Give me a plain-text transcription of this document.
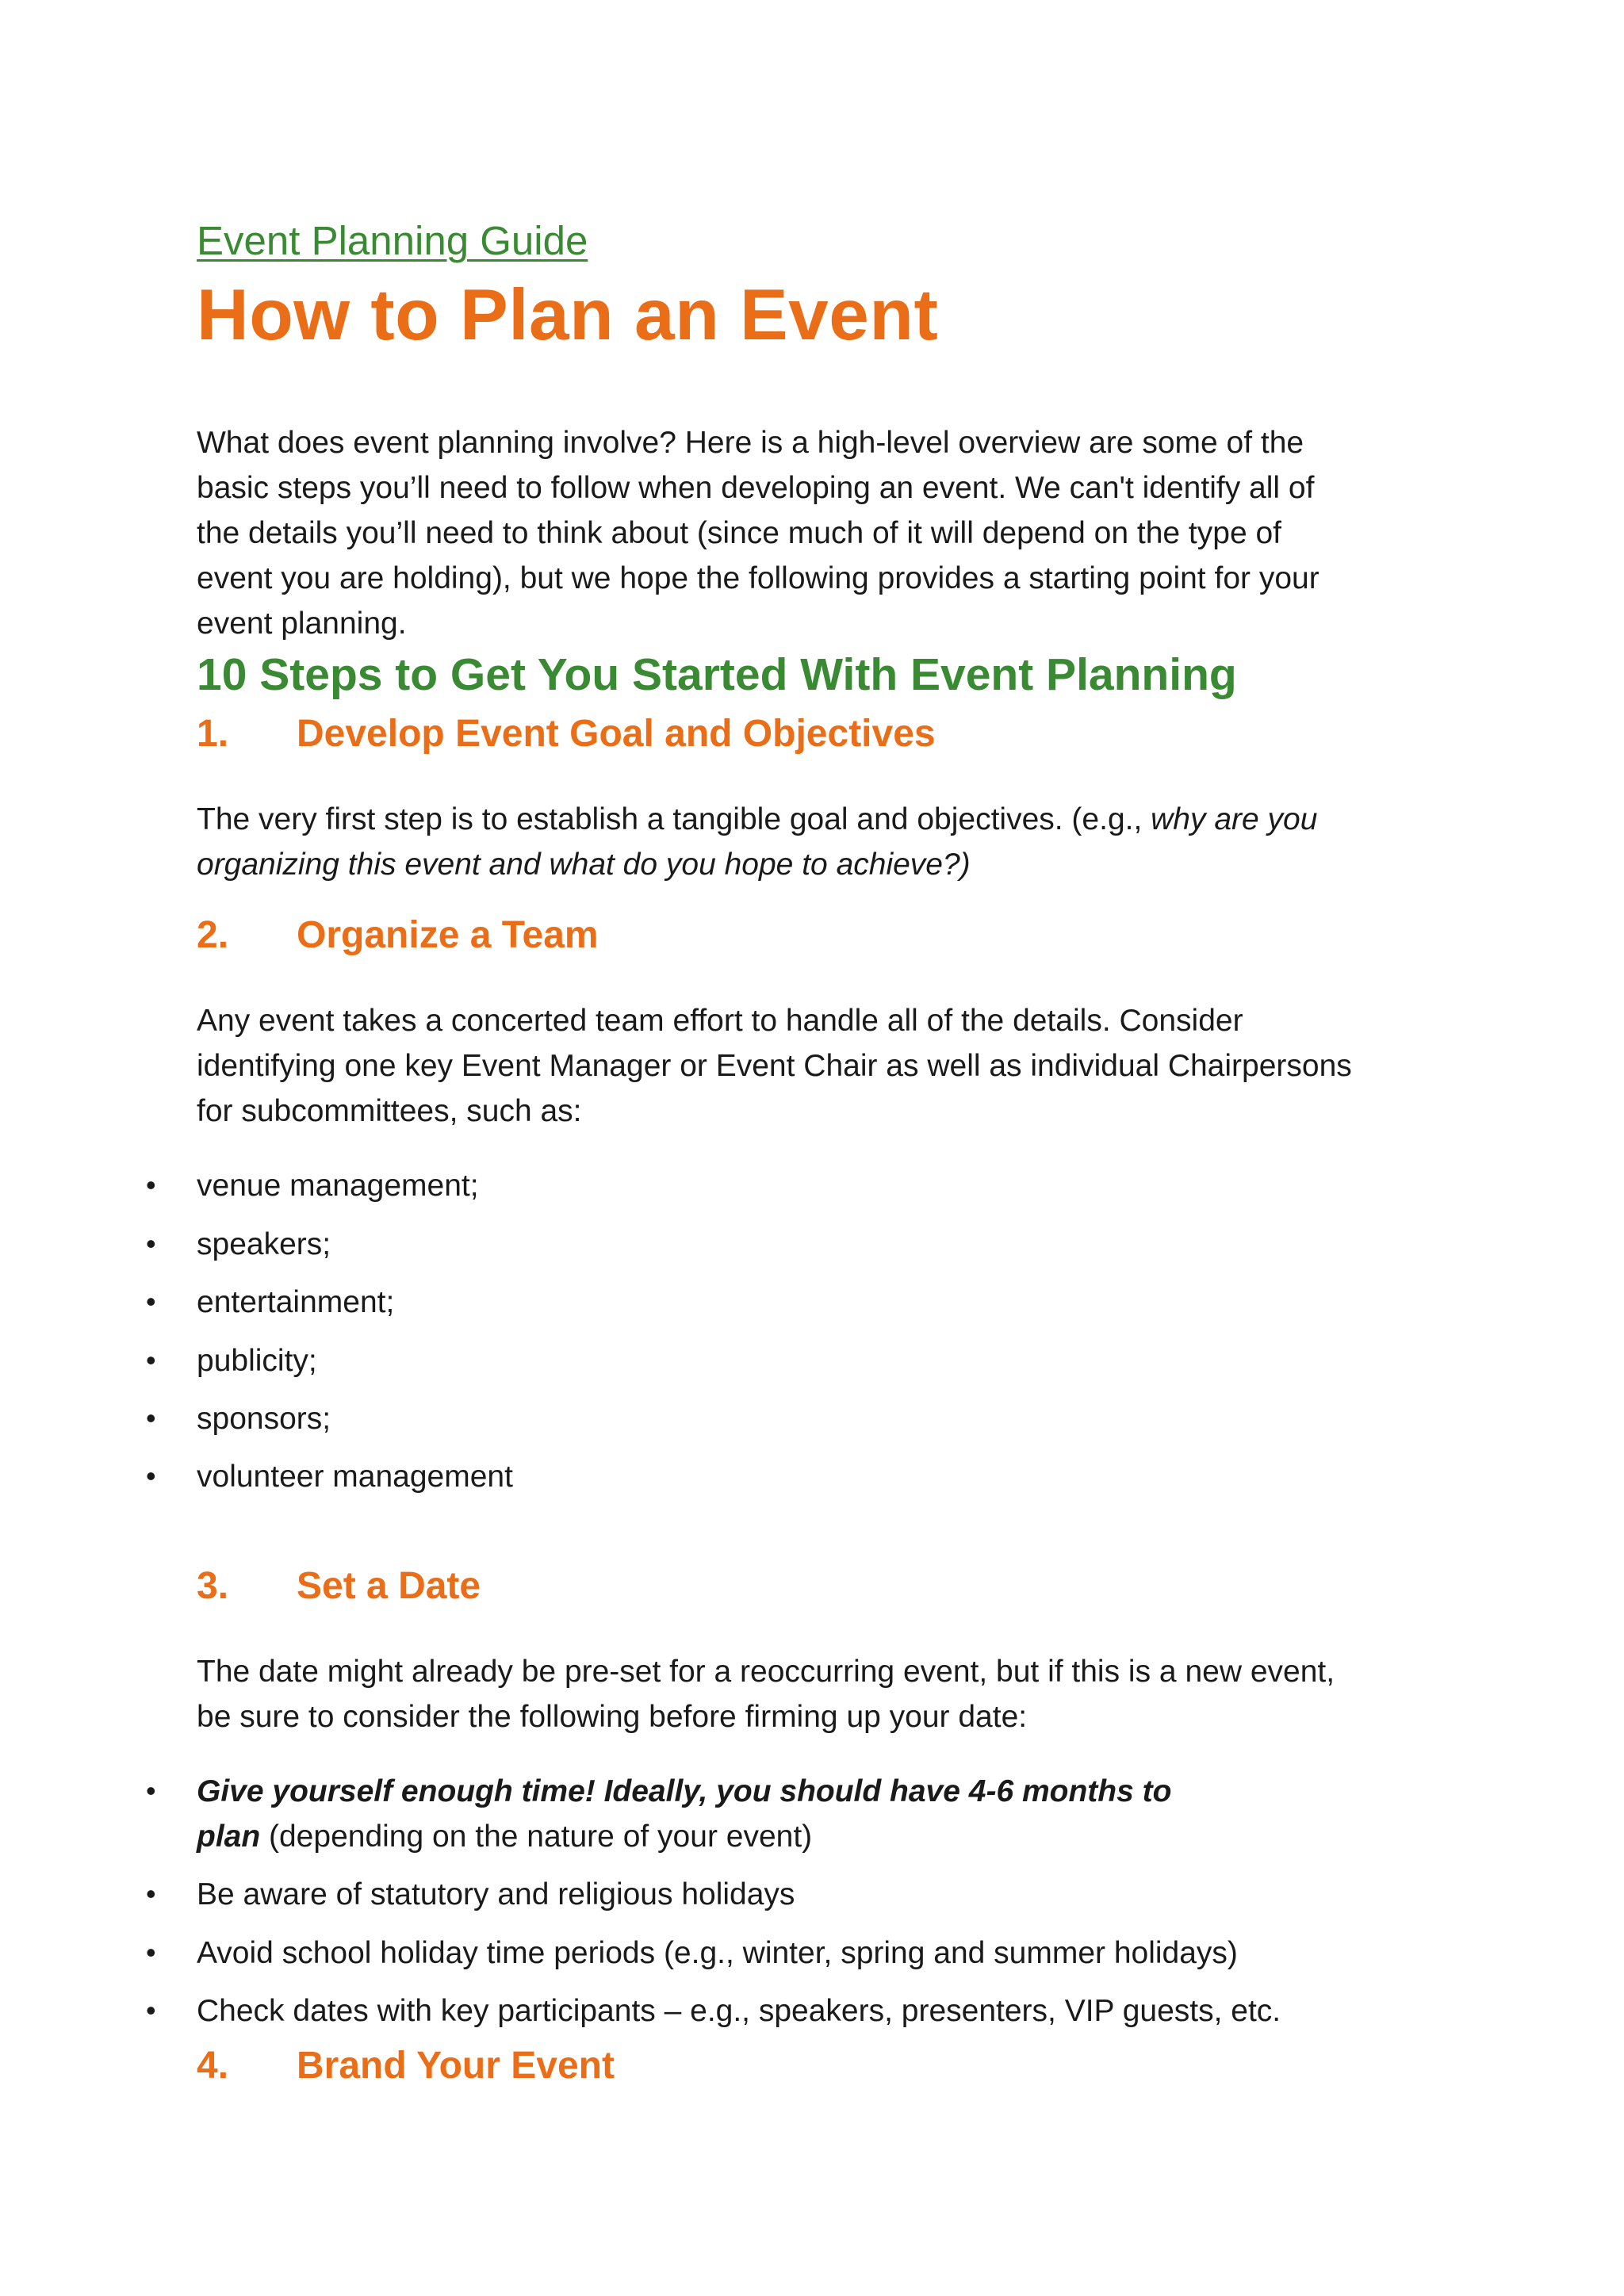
Event Planning Guide
How to Plan an Event
What does event planning involve? Here is a high-level overview are some of the
basic steps you’ll need to follow when developing an event. We can't identify all of
the details you’ll need to think about (since much of it will depend on the type of
event you are holding), but we hope the following provides a starting point for your
event planning.
10 Steps to Get You Started With Event Planning
1. Develop Event Goal and Objectives
The very first step is to establish a tangible goal and objectives. (e.g., why are you
organizing this event and what do you hope to achieve?)
2. Organize a Team
Any event takes a concerted team effort to handle all of the details. Consider
identifying one key Event Manager or Event Chair as well as individual Chairpersons
for subcommittees, such as:
• venue management;
• speakers;
• entertainment;
• publicity;
• sponsors;
• volunteer management
3. Set a Date
The date might already be pre-set for a reoccurring event, but if this is a new event,
be sure to consider the following before firming up your date:
• Give yourself enough time! Ideally, you should have 4-6 months to
plan (depending on the nature of your event)
• Be aware of statutory and religious holidays
• Avoid school holiday time periods (e.g., winter, spring and summer holidays)
• Check dates with key participants – e.g., speakers, presenters, VIP guests, etc.
4. Brand Your Event
